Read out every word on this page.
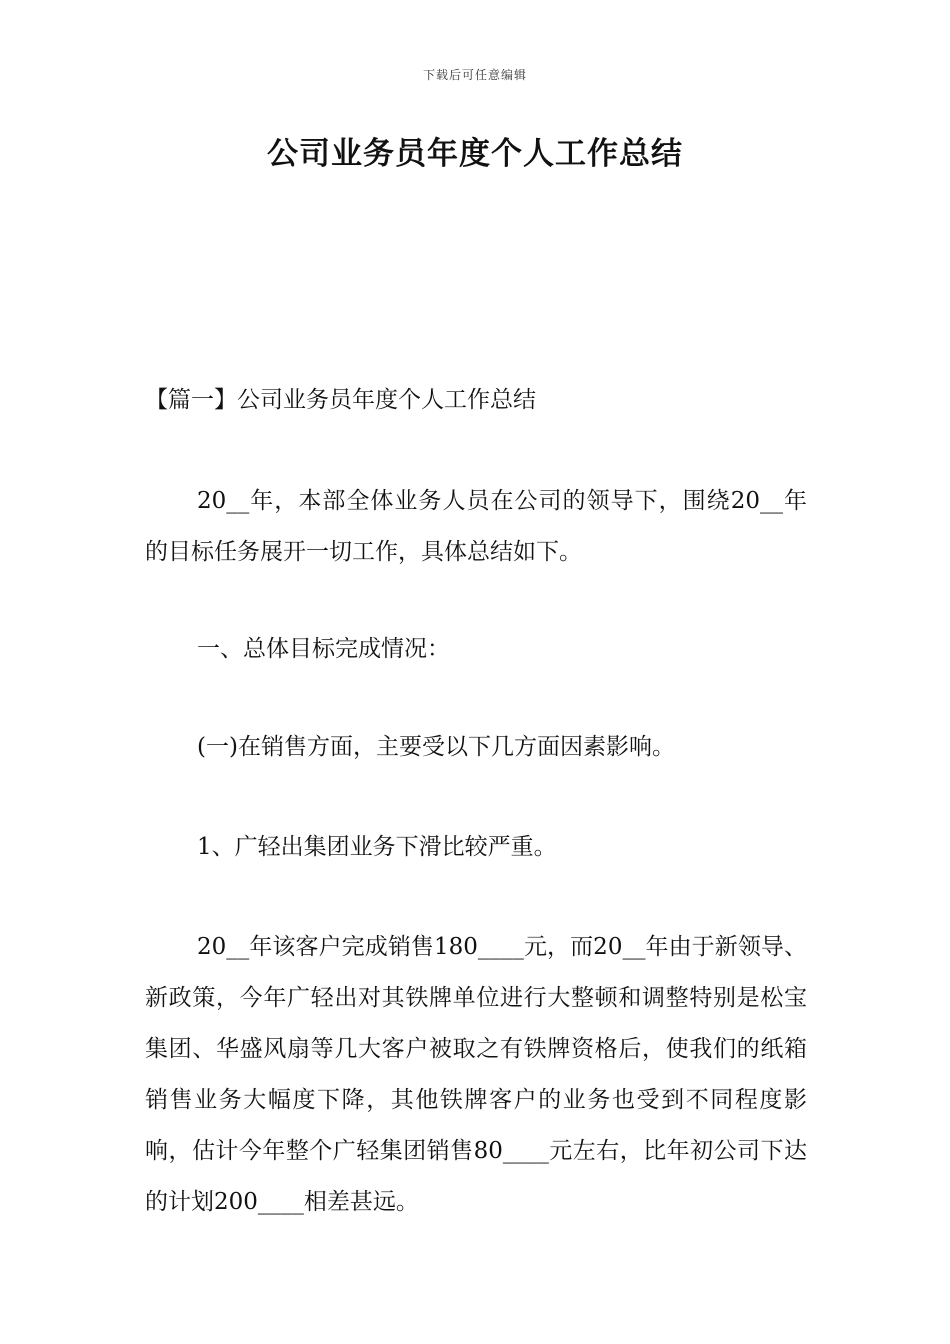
下载后可任意编辑
公司业务员年度个人工作总结

【篇一】公司业务员年度个人工作总结

20__年，本部全体业务人员在公司的领导下，围绕20__年的目标任务展开一切工作，具体总结如下。

一、总体目标完成情况：

(一)在销售方面，主要受以下几方面因素影响。

1、广轻出集团业务下滑比较严重。

20__年该客户完成销售180____元，而20__年由于新领导、新政策，今年广轻出对其铁牌单位进行大整顿和调整特别是松宝集团、华盛风扇等几大客户被取之有铁牌资格后，使我们的纸箱销售业务大幅度下降，其他铁牌客户的业务也受到不同程度影响，估计今年整个广轻集团销售80____元左右，比年初公司下达的计划200____相差甚远。
